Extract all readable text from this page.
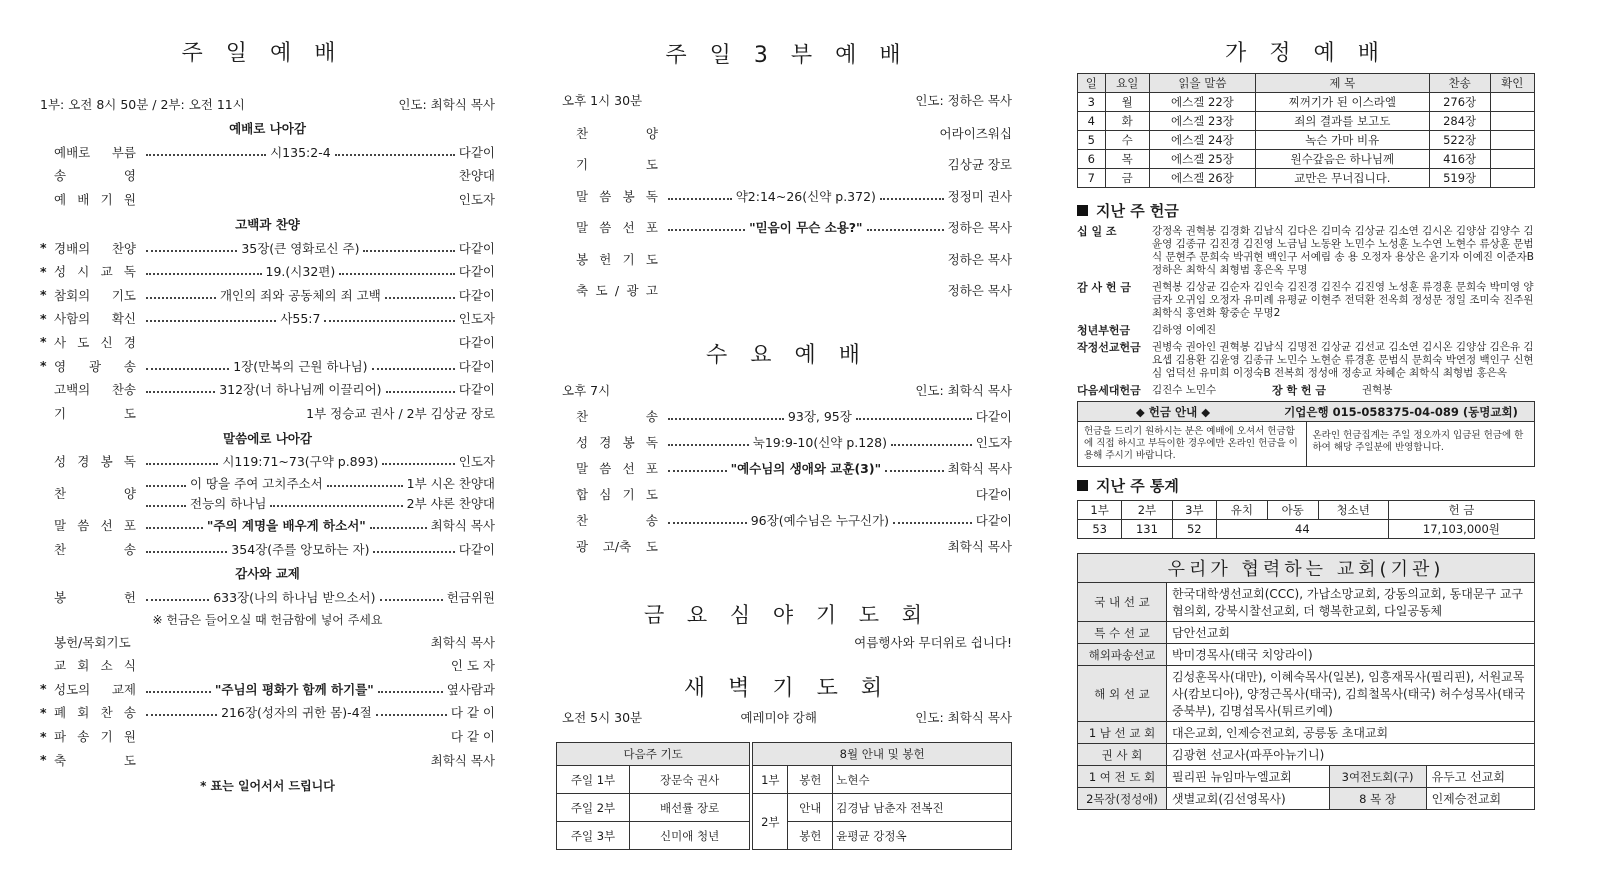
주 일 예 배
1부: 오전 8시 50분 / 2부: 오전 11시	인도: 최학식 목사
예배로 나아감
예배로 부름	시135:2-4	다같이
송 영	찬양대
예 배 기 원	인도자
고백과 찬양
* 경배의 찬양	35장(큰 영화로신 주)	다같이
* 성 시 교 독	19.(시32편)	다같이
* 참회의 기도	개인의 죄와 공동체의 죄 고백	다같이
* 사함의 확신	사55:7	인도자
* 사 도 신 경	다같이
* 영 광 송	1장(만복의 근원 하나님)	다같이
고백의 찬송	312장(너 하나님께 이끌리어)	다같이
기 도	1부 정승교 권사 / 2부 김상균 장로
말씀에로 나아감
성 경 봉 독	시119:71~73(구약 p.893)	인도자
찬 양
이 땅을 주여 고치주소서	1부 시온 찬양대
전능의 하나님	2부 샤론 찬양대
말 씀 선 포	"주의 계명을 배우게 하소서"	최학식 목사
찬 송	354장(주를 앙모하는 자)	다같이
감사와 교제
봉 헌	633장(나의 하나님 받으소서)	헌금위원
※ 헌금은 들어오실 때 헌금함에 넣어 주세요
봉헌/목회기도	최학식 목사
교 회 소 식	인 도 자
* 성도의 교제	"주님의 평화가 함께 하기를"	옆사람과
* 폐 회 찬 송	216장(성자의 귀한 몸)-4절	다 같 이
* 파 송 기 원	다 같 이
* 축 도	최학식 목사
* 표는 일어서서 드립니다
주 일 3 부 예 배
오후 1시 30분	인도: 정하은 목사
찬 양	어라이즈워십
기 도	김상균 장로
말 씀 봉 독	약2:14~26(신약 p.372)	정정미 권사
말 씀 선 포	"믿음이 무슨 소용?"	정하은 목사
봉 헌 기 도	정하은 목사
축 도 / 광 고	정하은 목사
수 요 예 배
오후 7시	인도: 최학식 목사
찬 송	93장, 95장	다같이
성 경 봉 독	눅19:9-10(신약 p.128)	인도자
말 씀 선 포	"예수님의 생애와 교훈(3)"	최학식 목사
합 심 기 도	다같이
찬 송	96장(예수님은 누구신가)	다같이
광 고/축 도	최학식 목사
금 요 심 야 기 도 회
여름행사와 무더위로 쉽니다!
새 벽 기 도 회
오전 5시 30분	예레미야 강해	인도: 최학식 목사
다음주 기도	
주일 1부	장문숙 권사
주일 2부	배선률 장로
주일 3부	신미애 청년
8월 안내 및 봉헌		
1부	봉헌	노현수
2부	안내	김경남 남춘자 전복진
	봉헌	윤평균 강정옥
가 정 예 배
일	요일	읽을 말씀	제 목	찬송	확인
3	월	에스겔 22장	찌꺼기가 된 이스라엘	276장	
4	화	에스겔 23장	죄의 결과를 보고도	284장	
5	수	에스겔 24장	녹슨 가마 비유	522장	
6	목	에스겔 25장	원수갚음은 하나님께	416장	
7	금	에스겔 26장	교만은 무너집니다.	519장	
지난 주 헌금
십 일 조	강정옥 권혁봉 김경화 김남식 김다은 김미숙 김상균 김소연 김시온 김양삼 김양수 김윤영 김종규 김진경 김진영 노금님 노동완 노민수 노성훈 노수연 노현수 류상훈 문범식 문현주 문희숙 박귀현 백인구 서예림 송 용 오정자 용상은 윤기자 이예진 이준자B 정하은 최학식 최형범 홍은옥 무명
감 사 헌 금	권혁봉 김상균 김순자 김인숙 김진경 김진수 김진영 노성훈 류경훈 문희숙 박미영 양금자 오귀임 오정자 유미례 유평균 이현주 전덕환 전옥희 정성문 정일 조미숙 진주원 최학식 홍연화 황중순 무명2
청년부헌금	김하영 이예진
작정선교헌금	권병숙 권아인 권혁봉 김남식 김명전 김상균 김선교 김소연 김시온 김양삼 김은유 김요셉 김용환 김윤영 김종규 노민수 노현순 류경훈 문범식 문희숙 박연정 백인구 신현심 엄덕선 유미희 이정숙B 전복희 정성애 정송교 차혜순 최학식 최형범 홍은옥
다음세대헌금	김진수 노민수	장 학 헌 금	권혁봉
◆ 헌금 안내 ◆	기업은행 015-058375-04-089 (동명교회)
헌금을 드리기 원하시는 분은 예배에 오셔서 헌금함에 직접 하시고 부득이한 경우에만 온라인 헌금을 이용해 주시기 바랍니다.
온라인 헌금집계는 주일 정오까지 입금된 헌금에 한하여 해당 주일분에 반영합니다.
지난 주 통계
1부	2부	3부	유치	아동	청소년	헌 금
53	131	52	44			17,103,000원
우리가 협력하는 교회(기관)			
국 내 선 교	한국대학생선교회(CCC), 가납소망교회, 강동의교회, 동대문구 교구협의회, 강북시찰선교회, 더 행복한교회, 다일공동체		
특 수 선 교	담안선교회		
해외파송선교	박미경목사(태국 치앙라이)		
해 외 선 교	김성훈목사(대만), 이혜숙목사(일본), 임흥재목사(필리핀), 서원교목사(캄보디아), 양정근목사(태국), 김희철목사(태국) 허수성목사(태국중북부), 김명섭목사(튀르키예)		
1 남 선 교 회	대은교회, 인제승전교회, 공릉동 초대교회		
권 사 회	김광현 선교사(파푸아뉴기니)		
1 여 전 도 회	필리핀 뉴임마누엘교회	3여전도회(구)	유두고 선교회
2목장(정성애)	샛별교회(김선영목사)	8 목 장	인제승전교회
